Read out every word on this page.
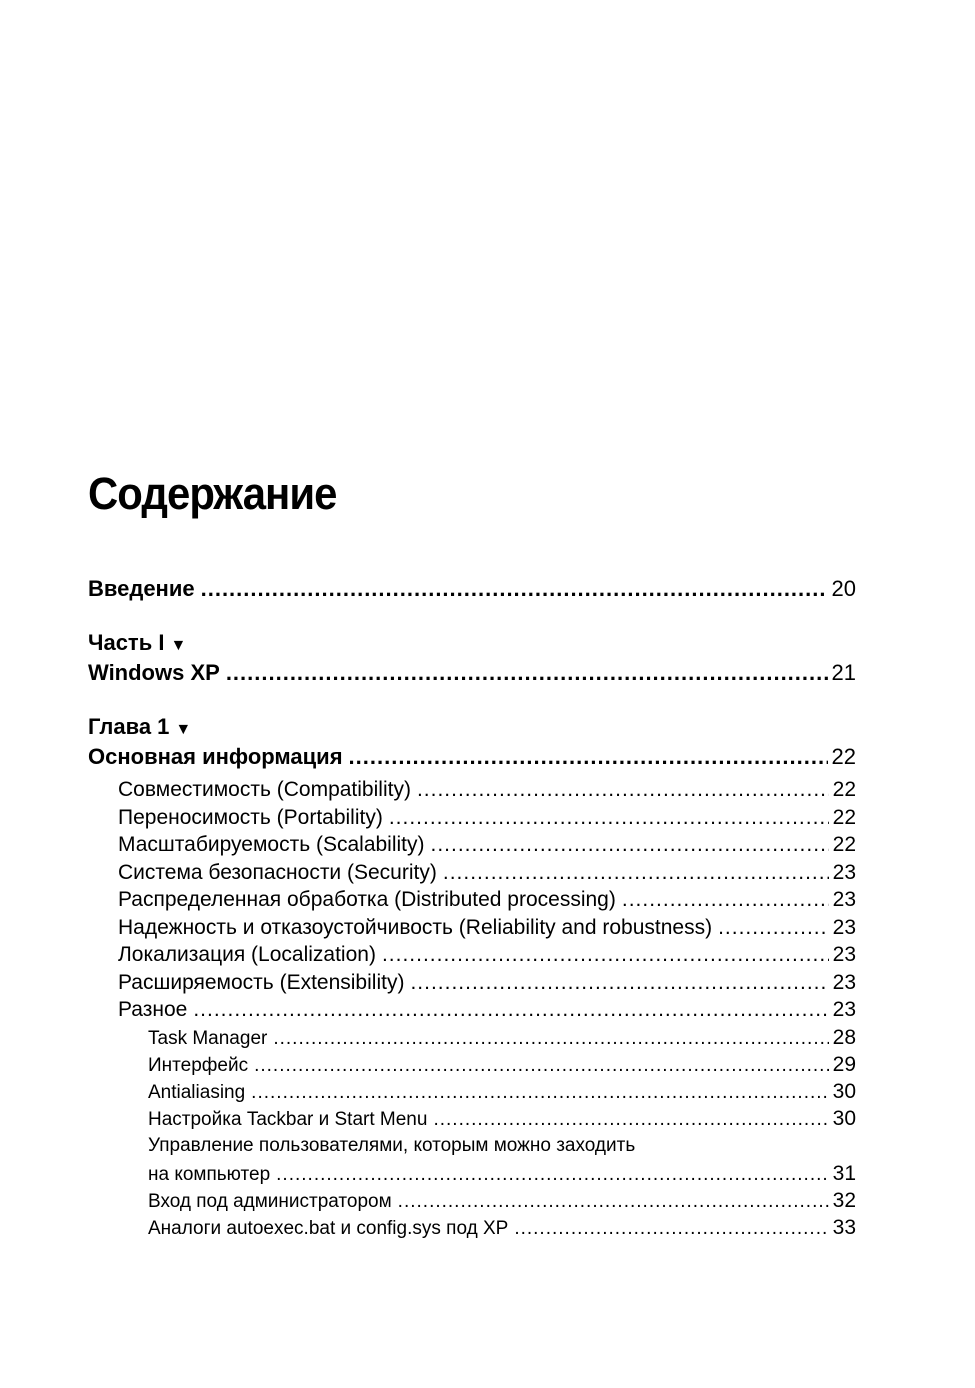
Содержание
Введение .....	20
Часть I ▼
Windows XP .....	21
Глава 1 ▼
Основная информация .....	22
Совместимость (Compatibility) .....	22
Переносимость (Portability) .....	22
Масштабируемость (Scalability) .....	22
Система безопасности (Security) .....	23
Распределенная обработка (Distributed processing) .....	23
Надежность и отказоустойчивость (Reliability and robustness) .....	23
Локализация (Localization) .....	23
Расширяемость (Extensibility) .....	23
Разное .....	23
Task Manager .....	28
Интерфейс .....	29
Antialiasing .....	30
Настройка Tackbar и Start Menu .....	30
Управление пользователями, которым можно заходить
на компьютер .....	31
Вход под администратором .....	32
Аналоги autoexec.bat и config.sys под XP .....	33
